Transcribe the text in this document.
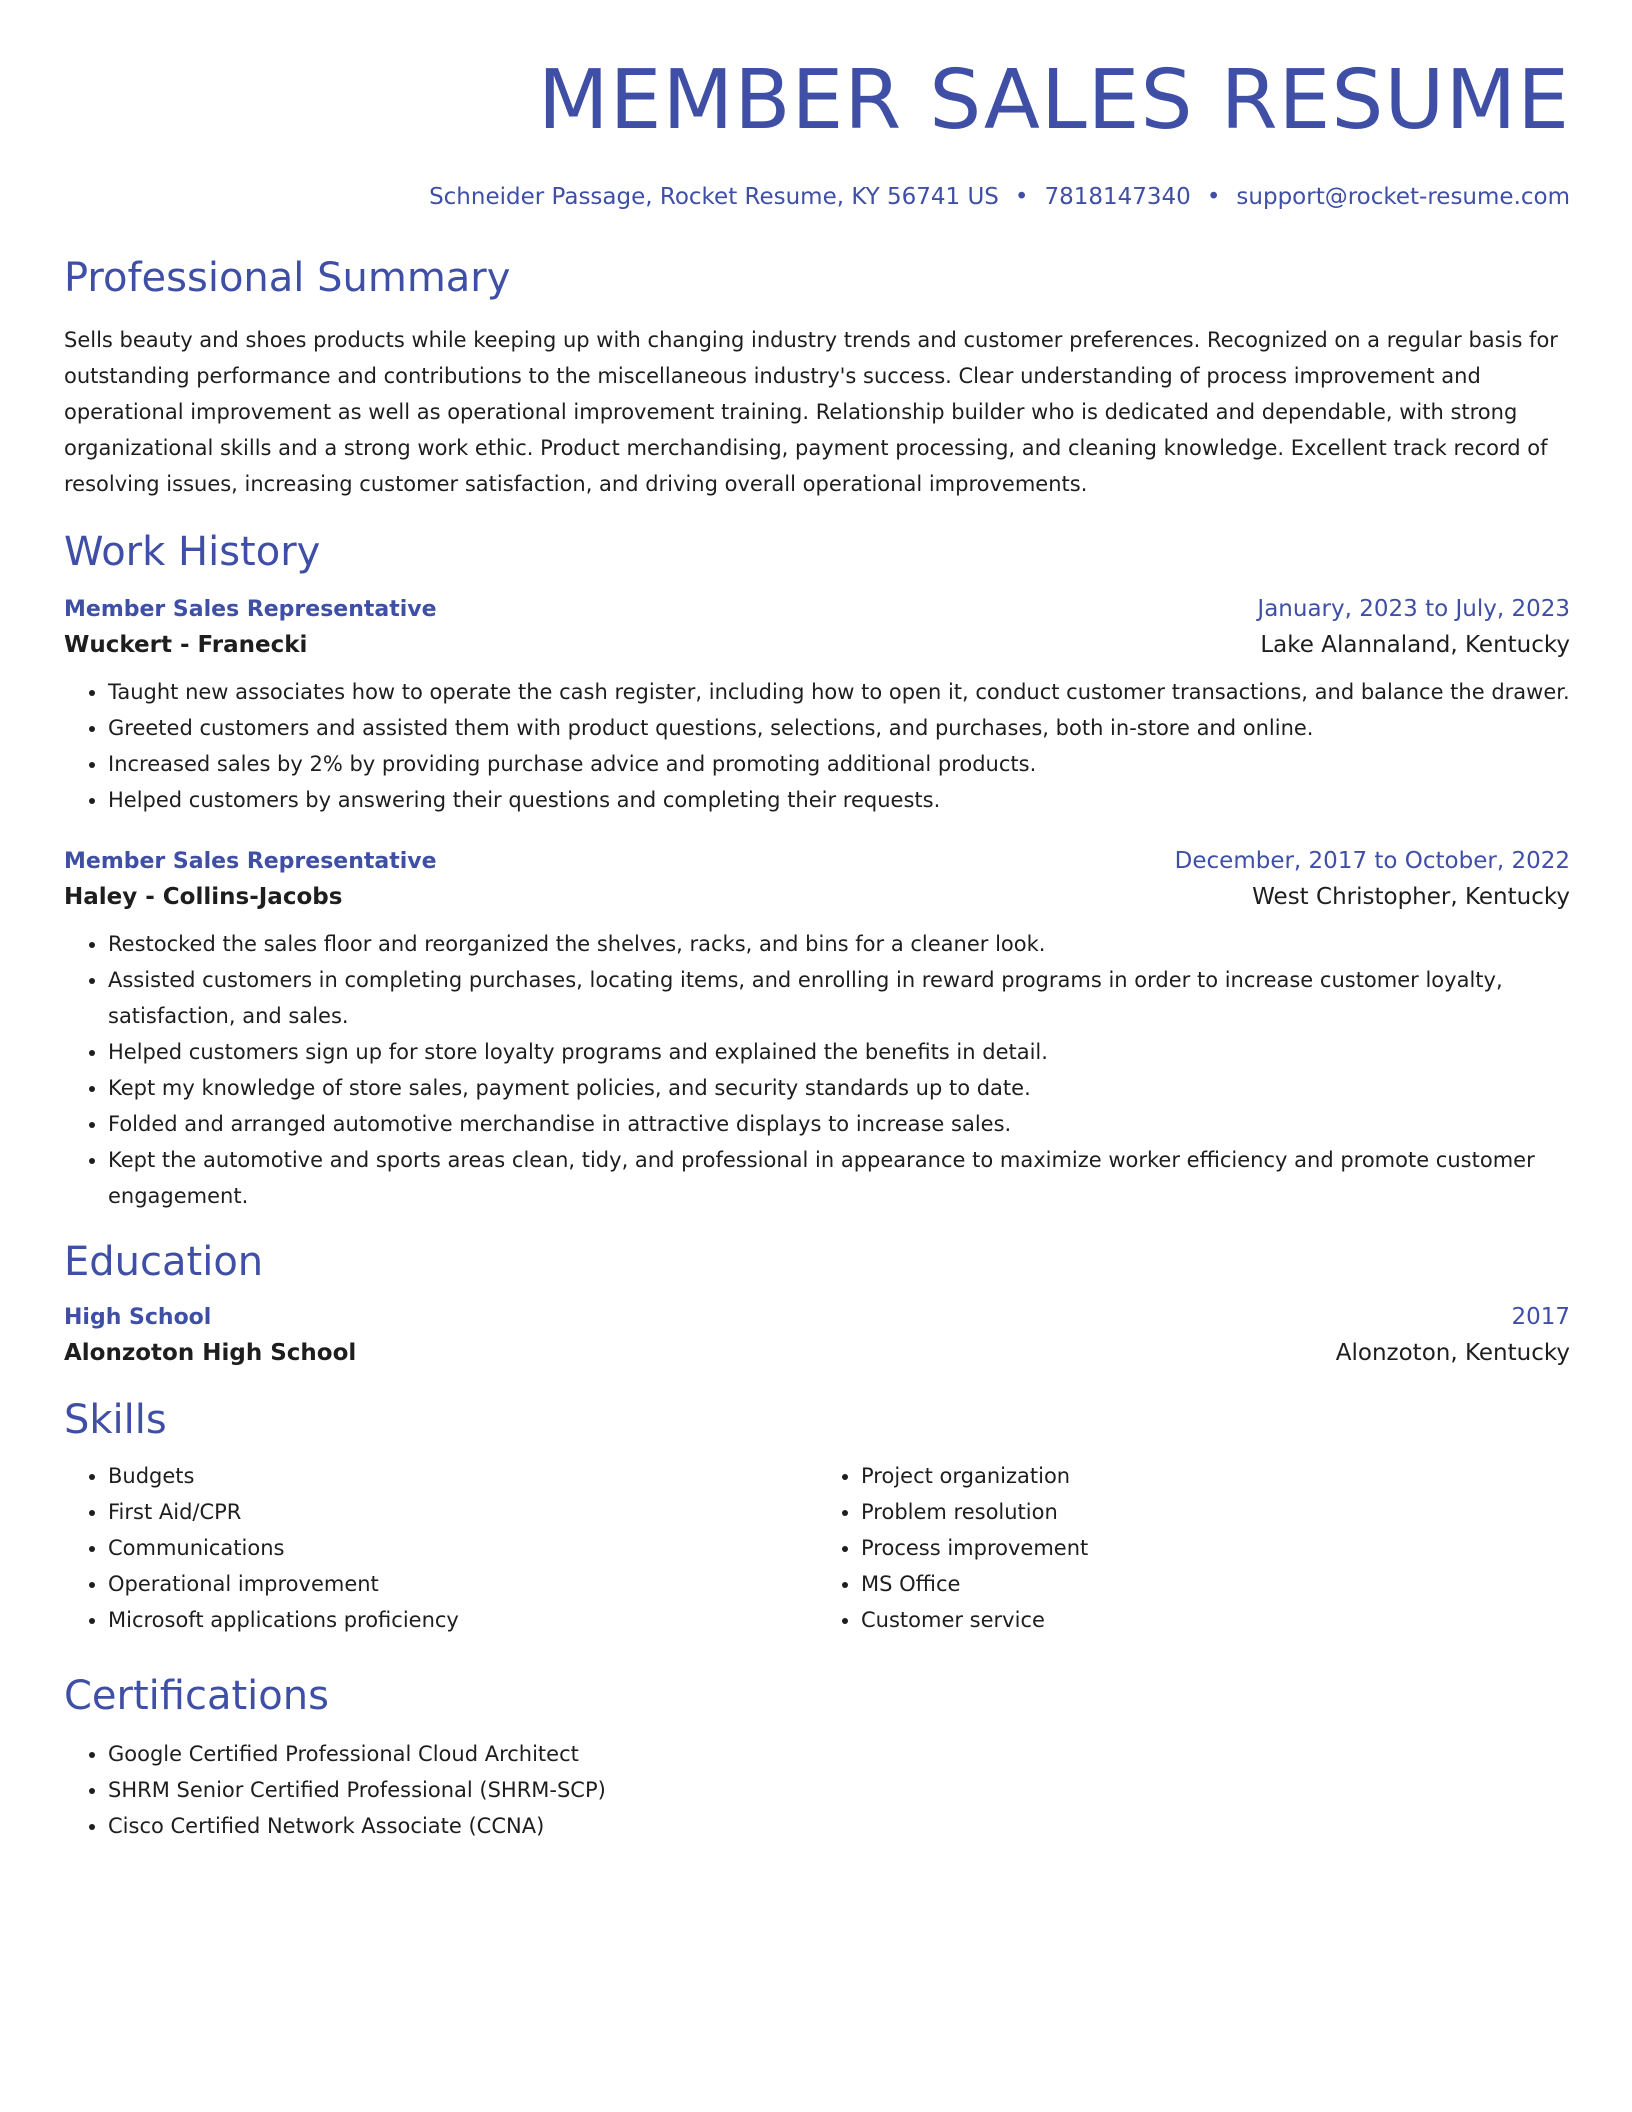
MEMBER SALES RESUME
Schneider Passage, Rocket Resume, KY 56741 US • 7818147340 • support@rocket-resume.com
Professional Summary
Sells beauty and shoes products while keeping up with changing industry trends and customer preferences. Recognized on a regular basis for outstanding performance and contributions to the miscellaneous industry's success. Clear understanding of process improvement and operational improvement as well as operational improvement training. Relationship builder who is dedicated and dependable, with strong organizational skills and a strong work ethic. Product merchandising, payment processing, and cleaning knowledge. Excellent track record of resolving issues, increasing customer satisfaction, and driving overall operational improvements.
Work History
Member Sales Representative	January, 2023 to July, 2023
Wuckert - Franecki	Lake Alannaland, Kentucky
• Taught new associates how to operate the cash register, including how to open it, conduct customer transactions, and balance the drawer.
• Greeted customers and assisted them with product questions, selections, and purchases, both in-store and online.
• Increased sales by 2% by providing purchase advice and promoting additional products.
• Helped customers by answering their questions and completing their requests.
Member Sales Representative	December, 2017 to October, 2022
Haley - Collins-Jacobs	West Christopher, Kentucky
• Restocked the sales floor and reorganized the shelves, racks, and bins for a cleaner look.
• Assisted customers in completing purchases, locating items, and enrolling in reward programs in order to increase customer loyalty, satisfaction, and sales.
• Helped customers sign up for store loyalty programs and explained the benefits in detail.
• Kept my knowledge of store sales, payment policies, and security standards up to date.
• Folded and arranged automotive merchandise in attractive displays to increase sales.
• Kept the automotive and sports areas clean, tidy, and professional in appearance to maximize worker efficiency and promote customer engagement.
Education
High School	2017
Alonzoton High School	Alonzoton, Kentucky
Skills
• Budgets
• First Aid/CPR
• Communications
• Operational improvement
• Microsoft applications proficiency
• Project organization
• Problem resolution
• Process improvement
• MS Office
• Customer service
Certifications
• Google Certified Professional Cloud Architect
• SHRM Senior Certified Professional (SHRM-SCP)
• Cisco Certified Network Associate (CCNA)
